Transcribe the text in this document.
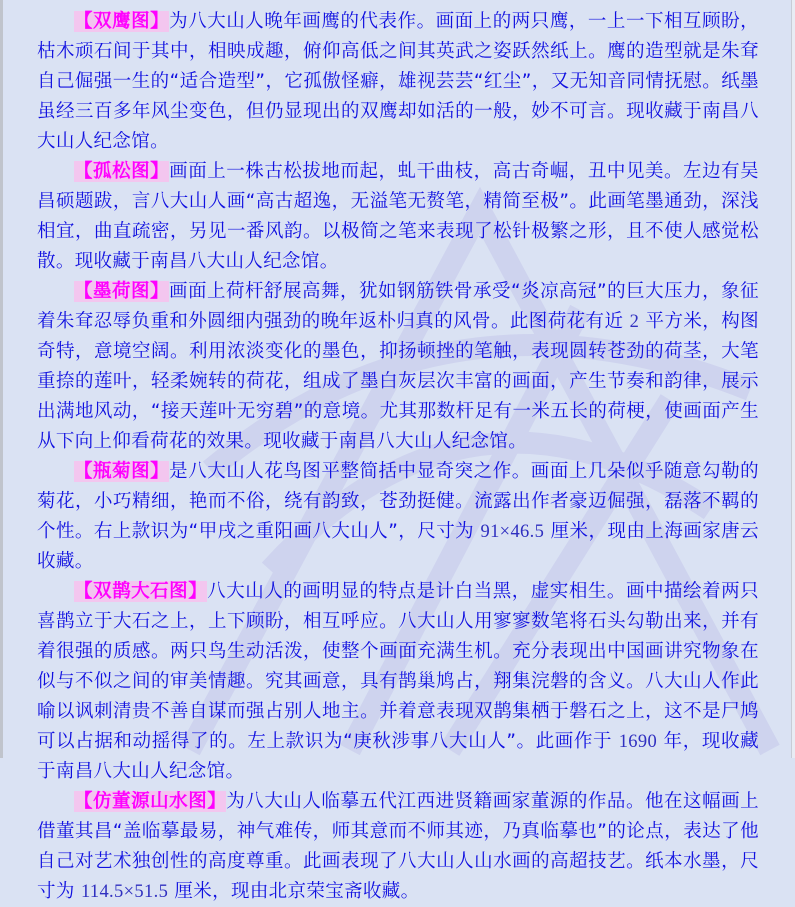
【双鹰图】为八大山人晚年画鹰的代表作。画面上的两只鹰，一上一下相互顾盼，枯木顽石间于其中，相映成趣，俯仰高低之间其英武之姿跃然纸上。鹰的造型就是朱耷自己倔强一生的“适合造型”，它孤傲怪癖，雄视芸芸“红尘”，又无知音同情抚慰。纸墨虽经三百多年风尘变色，但仍显现出的双鹰却如活的一般，妙不可言。现收藏于南昌八大山人纪念馆。

【孤松图】画面上一株古松拔地而起，虬干曲枝，高古奇崛，丑中见美。左边有吴昌硕题跋，言八大山人画“高古超逸，无溢笔无赘笔，精简至极”。此画笔墨通劲，深浅相宜，曲直疏密，另见一番风韵。以极简之笔来表现了松针极繁之形，且不使人感觉松散。现收藏于南昌八大山人纪念馆。

【墨荷图】画面上荷杆舒展高舞，犹如钢筋铁骨承受“炎凉高冠”的巨大压力，象征着朱耷忍辱负重和外圆细内强劲的晚年返朴归真的风骨。此图荷花有近 2 平方米，构图奇特，意境空阔。利用浓淡变化的墨色，抑扬顿挫的笔触，表现圆转苍劲的荷茎，大笔重捺的莲叶，轻柔婉转的荷花，组成了墨白灰层次丰富的画面，产生节奏和韵律，展示出满地风动，“接天莲叶无穷碧”的意境。尤其那数杆足有一米五长的荷梗，使画面产生从下向上仰看荷花的效果。现收藏于南昌八大山人纪念馆。

【瓶菊图】是八大山人花鸟图平整简括中显奇突之作。画面上几朵似乎随意勾勒的菊花，小巧精细，艳而不俗，绕有韵致，苍劲挺健。流露出作者豪迈倔强，磊落不羁的个性。右上款识为“甲戌之重阳画八大山人”，尺寸为 91×46.5 厘米，现由上海画家唐云收藏。

【双鹊大石图】八大山人的画明显的特点是计白当黑，虚实相生。画中描绘着两只喜鹊立于大石之上，上下顾盼，相互呼应。八大山人用寥寥数笔将石头勾勒出来，并有着很强的质感。两只鸟生动活泼，使整个画面充满生机。充分表现出中国画讲究物象在似与不似之间的审美情趣。究其画意，具有鹊巢鸠占，翔集浣磐的含义。八大山人作此喻以讽刺清贵不善自谋而强占别人地主。并着意表现双鹊集栖于磐石之上，这不是尸鸠可以占据和动摇得了的。左上款识为“庚秋涉事八大山人”。此画作于 1690 年，现收藏于南昌八大山人纪念馆。

【仿董源山水图】为八大山人临摹五代江西进贤籍画家董源的作品。他在这幅画上借董其昌“盖临摹最易，神气难传，师其意而不师其迹，乃真临摹也”的论点，表达了他自己对艺术独创性的高度尊重。此画表现了八大山人山水画的高超技艺。纸本水墨，尺寸为 114.5×51.5 厘米，现由北京荣宝斋收藏。
